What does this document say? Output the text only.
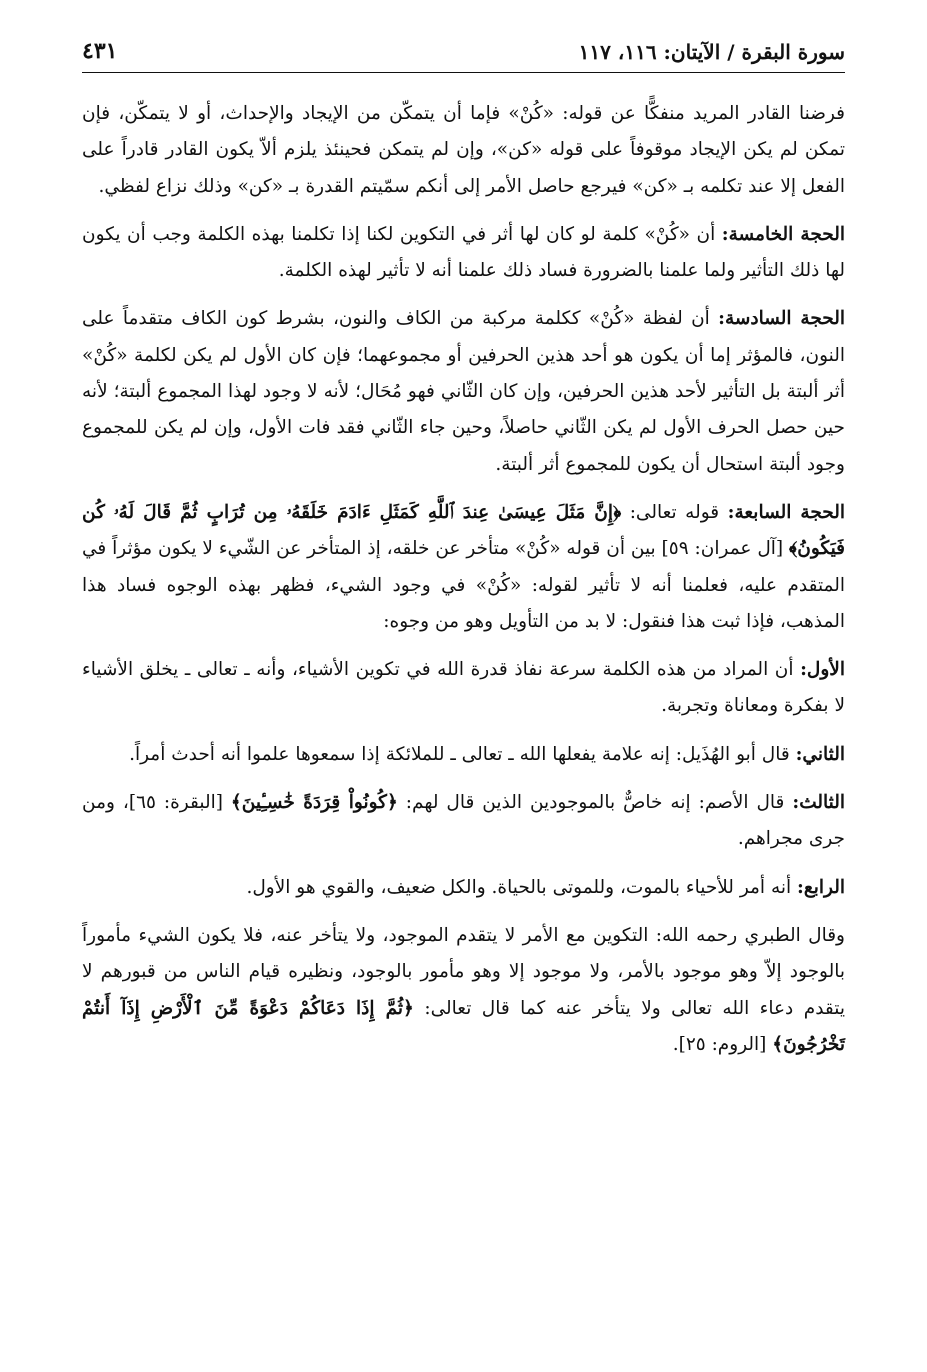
سورة البقرة / الآيتان: ١١٦، ١١٧
٤٣١

فرضنا القادر المريد منفكًّا عن قوله: «كُنْ» فإما أن يتمكّن من الإيجاد والإحداث، أو لا يتمكّن، فإن تمكن لم يكن الإيجاد موقوفاً على قوله «كن»، وإن لم يتمكن فحينئذ يلزم ألاّ يكون القادر قادراً على الفعل إلا عند تكلمه بـ «كن» فيرجع حاصل الأمر إلى أنكم سمّيتم القدرة بـ «كن» وذلك نزاع لفظي.

الحجة الخامسة: أن «كُنْ» كلمة لو كان لها أثر في التكوين لكنا إذا تكلمنا بهذه الكلمة وجب أن يكون لها ذلك التأثير ولما علمنا بالضرورة فساد ذلك علمنا أنه لا تأثير لهذه الكلمة.

الحجة السادسة: أن لفظة «كُنْ» ككلمة مركبة من الكاف والنون، بشرط كون الكاف متقدماً على النون، فالمؤثر إما أن يكون هو أحد هذين الحرفين أو مجموعهما؛ فإن كان الأول لم يكن لكلمة «كُنْ» أثر ألبتة بل التأثير لأحد هذين الحرفين، وإن كان الثّاني فهو مُحَال؛ لأنه لا وجود لهذا المجموع ألبتة؛ لأنه حين حصل الحرف الأول لم يكن الثّاني حاصلاً، وحين جاء الثّاني فقد فات الأول، وإن لم يكن للمجموع وجود ألبتة استحال أن يكون للمجموع أثر ألبتة.

الحجة السابعة: قوله تعالى: ﴿إِنَّ مَثَلَ عِيسَىٰ عِندَ ٱللَّهِ كَمَثَلِ ءَادَمَ خَلَقَهُۥ مِن تُرَابٍ ثُمَّ قَالَ لَهُۥ كُن فَيَكُونُ﴾ [آل عمران: ٥٩] بين أن قوله «كُنْ» متأخر عن خلقه، إذ المتأخر عن الشّيء لا يكون مؤثراً في المتقدم عليه، فعلمنا أنه لا تأثير لقوله: «كُنْ» في وجود الشيء، فظهر بهذه الوجوه فساد هذا المذهب، فإذا ثبت هذا فنقول: لا بد من التأويل وهو من وجوه:

الأول: أن المراد من هذه الكلمة سرعة نفاذ قدرة الله في تكوين الأشياء، وأنه ـ تعالى ـ يخلق الأشياء لا بفكرة ومعاناة وتجربة.

الثاني: قال أبو الهُذَيل: إنه علامة يفعلها الله ـ تعالى ـ للملائكة إذا سمعوها علموا أنه أحدث أمراً.

الثالث: قال الأصم: إنه خاصٌّ بالموجودين الذين قال لهم: ﴿كُونُواْ قِرَدَةً خَٰسِـِٔينَ﴾ [البقرة: ٦٥]، ومن جرى مجراهم.

الرابع: أنه أمر للأحياء بالموت، وللموتى بالحياة. والكل ضعيف، والقوي هو الأول.

وقال الطبري رحمه الله: التكوين مع الأمر لا يتقدم الموجود، ولا يتأخر عنه، فلا يكون الشيء مأموراً بالوجود إلاّ وهو موجود بالأمر، ولا موجود إلا وهو مأمور بالوجود، ونظيره قيام الناس من قبورهم لا يتقدم دعاء الله تعالى ولا يتأخر عنه كما قال تعالى: ﴿ثُمَّ إِذَا دَعَاكُمْ دَعْوَةً مِّنَ ٱلْأَرْضِ إِذَآ أَنتُمْ تَخْرُجُونَ﴾ [الروم: ٢٥].
